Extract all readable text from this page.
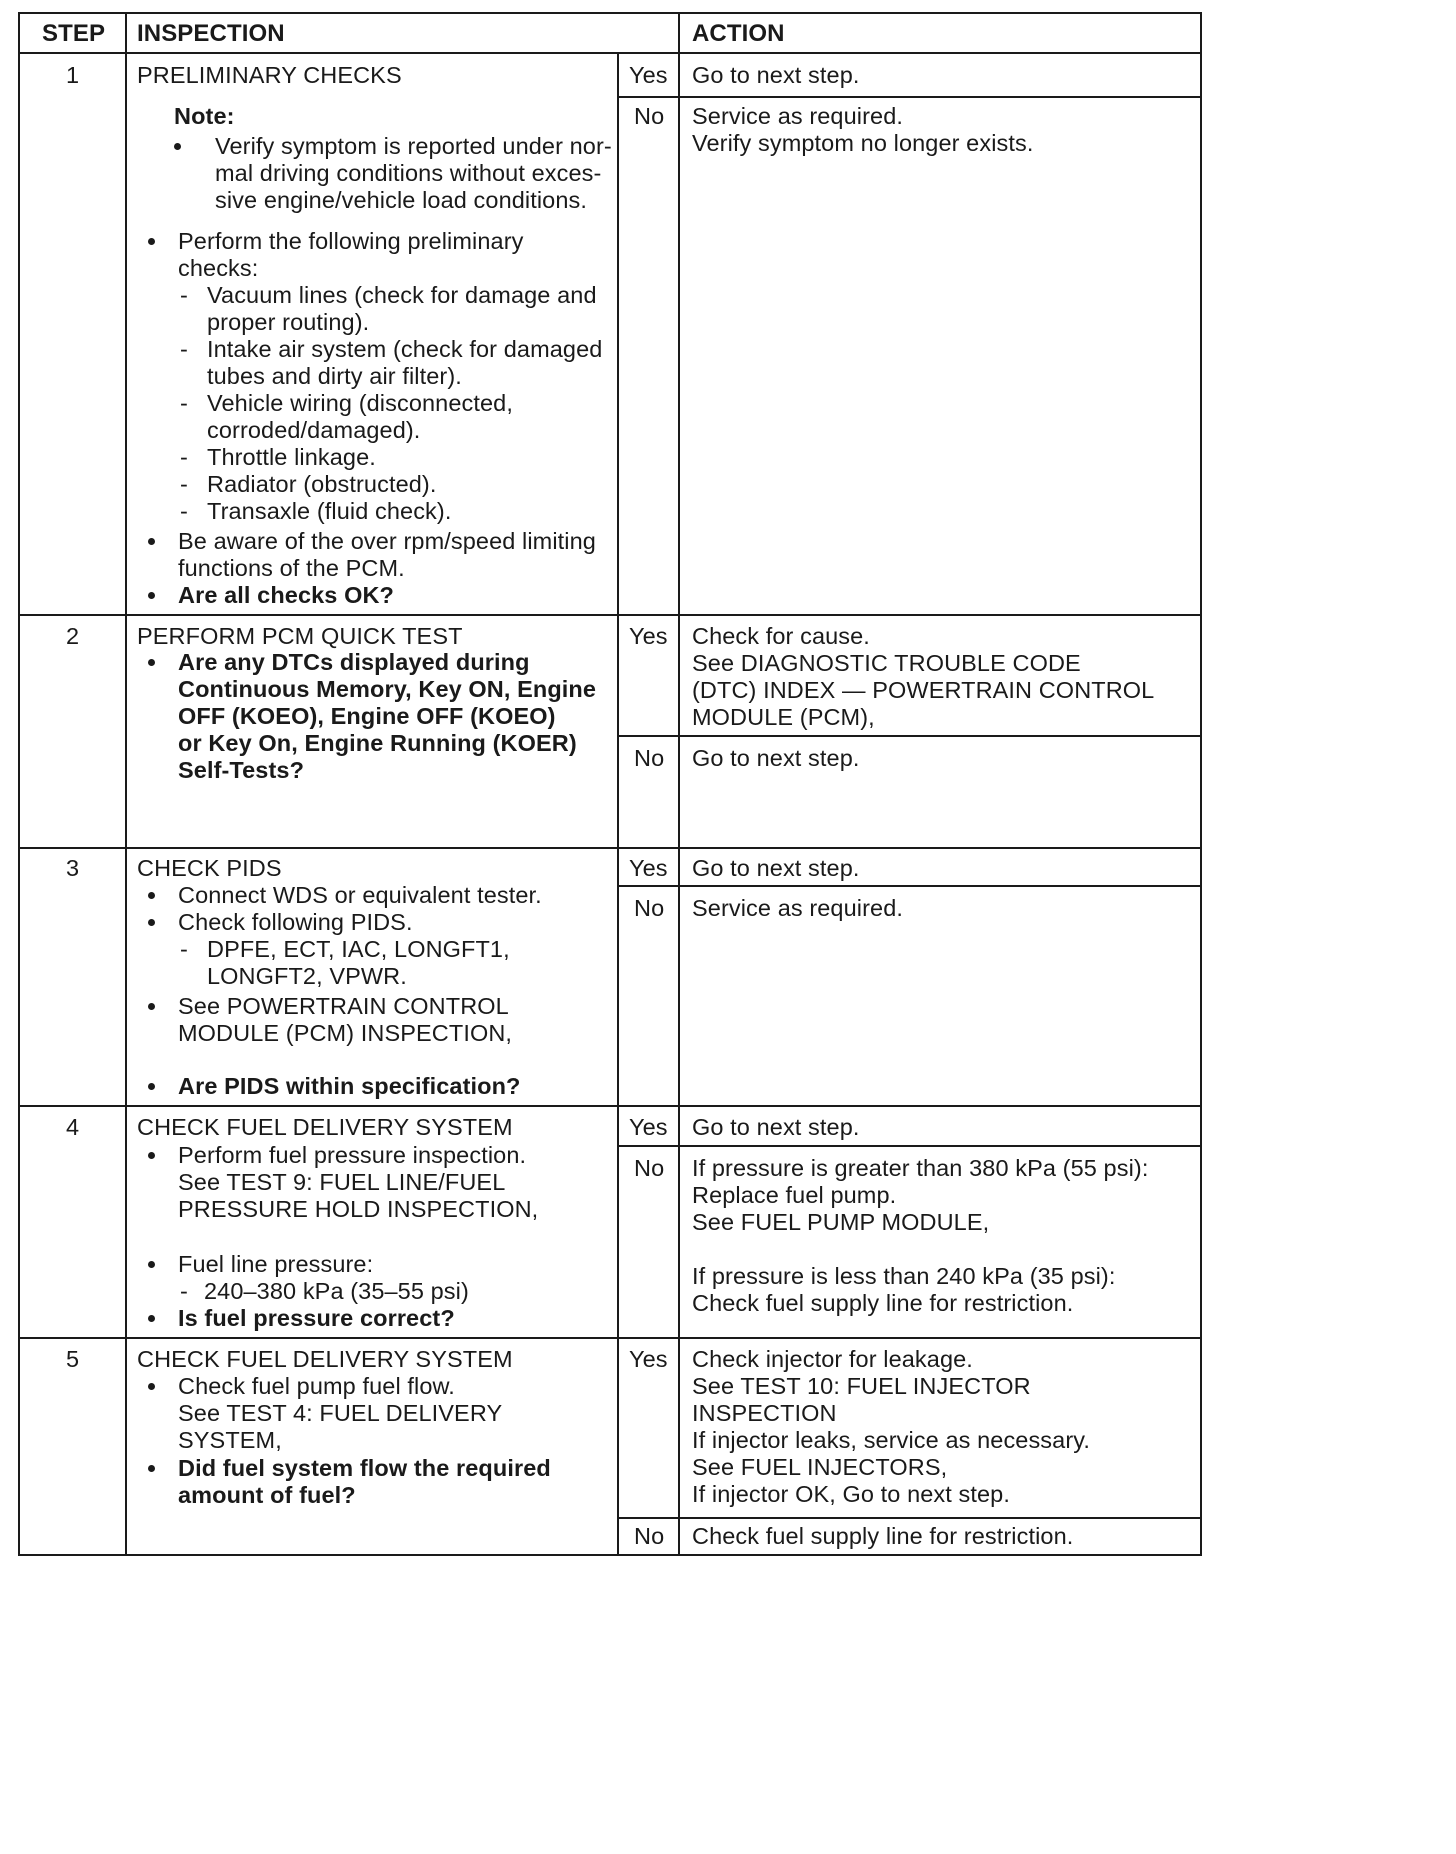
STEP INSPECTION	ACTION
1 PRELIMINARY CHECKS
Note:
Verify symptom is reported under nor-
mal driving conditions without exces-
sive engine/vehicle load conditions.
Perform the following preliminary
checks:
- Vacuum lines (check for damage and
proper routing).
- Intake air system (check for damaged
tubes and dirty air filter).
- Vehicle wiring (disconnected,
corroded/damaged).
- Throttle linkage.
- Radiator (obstructed).
- Transaxle (fluid check).
Be aware of the over rpm/speed limiting
functions of the PCM.
Are all checks OK?
Yes Go to next step.
No Service as required.
Verify symptom no longer exists.
2 PERFORM PCM QUICK TEST
Are any DTCs displayed during
Continuous Memory, Key ON, Engine
OFF (KOEO), Engine OFF (KOEO)
or Key On, Engine Running (KOER)
Self-Tests?
Yes Check for cause.
See DIAGNOSTIC TROUBLE CODE
(DTC) INDEX — POWERTRAIN CONTROL
MODULE (PCM),
No Go to next step.
3 CHECK PIDS
Connect WDS or equivalent tester.
Check following PIDS.
- DPFE, ECT, IAC, LONGFT1,
LONGFT2, VPWR.
See POWERTRAIN CONTROL
MODULE (PCM) INSPECTION,
Are PIDS within specification?
Yes Go to next step.
No Service as required.
4 CHECK FUEL DELIVERY SYSTEM
Perform fuel pressure inspection.
See TEST 9: FUEL LINE/FUEL
PRESSURE HOLD INSPECTION,
Fuel line pressure:
- 240–380 kPa (35–55 psi)
Is fuel pressure correct?
Yes Go to next step.
No If pressure is greater than 380 kPa (55 psi):
Replace fuel pump.
See FUEL PUMP MODULE,
If pressure is less than 240 kPa (35 psi):
Check fuel supply line for restriction.
5 CHECK FUEL DELIVERY SYSTEM
Check fuel pump fuel flow.
See TEST 4: FUEL DELIVERY
SYSTEM,
Did fuel system flow the required
amount of fuel?
Yes Check injector for leakage.
See TEST 10: FUEL INJECTOR
INSPECTION
If injector leaks, service as necessary.
See FUEL INJECTORS,
If injector OK, Go to next step.
No Check fuel supply line for restriction.
